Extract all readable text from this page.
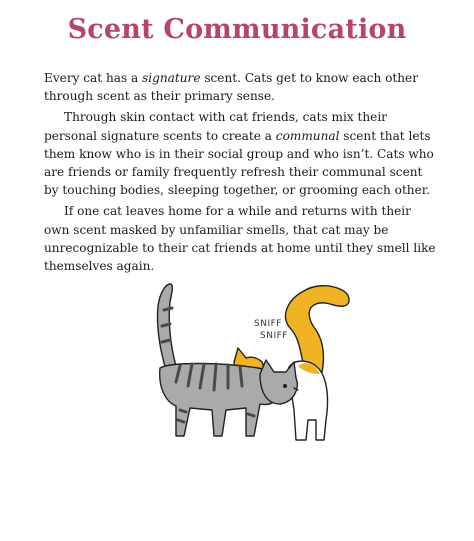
Scent Communication

Every cat has a signature scent. Cats get to know each other through scent as their primary sense.

Through skin contact with cat friends, cats mix their personal signature scents to create a communal scent that lets them know who is in their social group and who isn’t. Cats who are friends or family frequently refresh their communal scent by touching bodies, sleeping together, or grooming each other.

If one cat leaves home for a while and returns with their own scent masked by unfamiliar smells, that cat may be unrecognizable to their cat friends at home until they smell like themselves again.

SNIFF
SNIFF
